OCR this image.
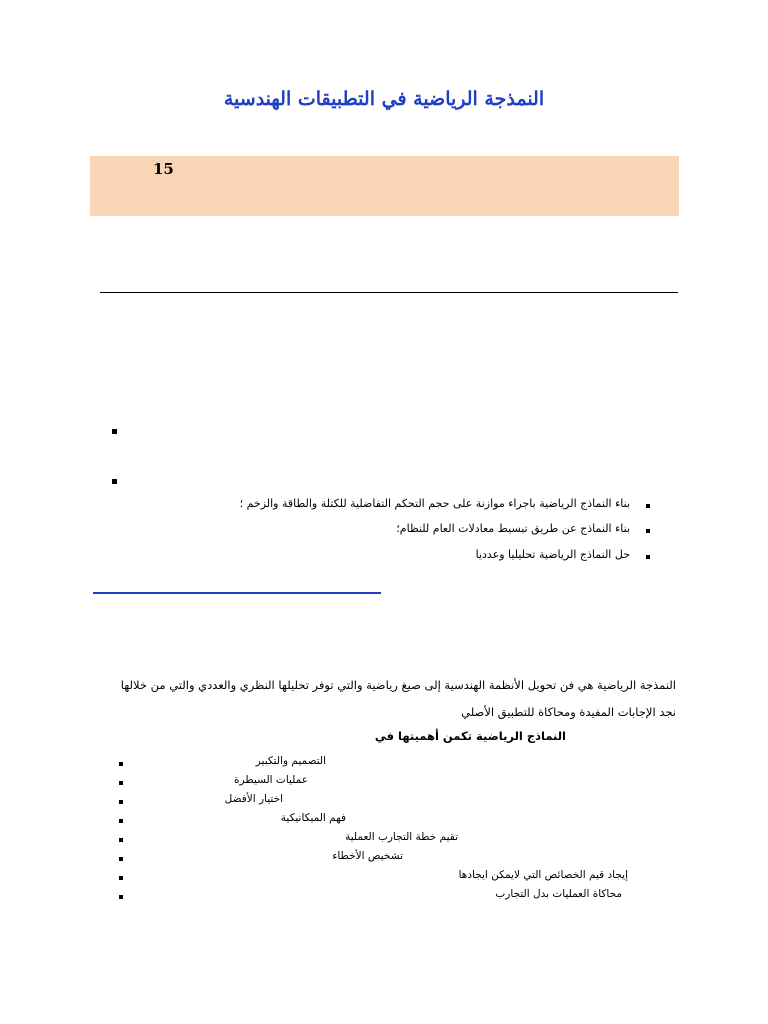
النمذجة الرياضية في التطبيقات الهندسية
15
بناء النماذج الرياضية باجراء موازنة على حجم التحكم التفاضلية للكتلة والطاقة والزخم ؛
بناء النماذج عن طريق تبسيط معادلات العام للنظام؛
حل النماذج الرياضية تحليليا وعدديا
النمذجة الرياضية هي فن تحويل الأنظمة الهندسية إلى صيغ رياضية والتي توفر تحليلها النظري والعددي والتي من خلالها
نجد الإجابات المفيدة ومحاكاة للتطبيق الأصلي
النماذج الرياضية تكمن أهميتها في
التصميم والتكبير
عمليات السيطرة
اختيار الأفضل
فهم الميكانيكية
تقيم خطة التجارب العملية
تشخيص الأخطاء
إيجاد قيم الخصائص التي لايمكن ايجادها
محاكاة العمليات بدل التجارب
